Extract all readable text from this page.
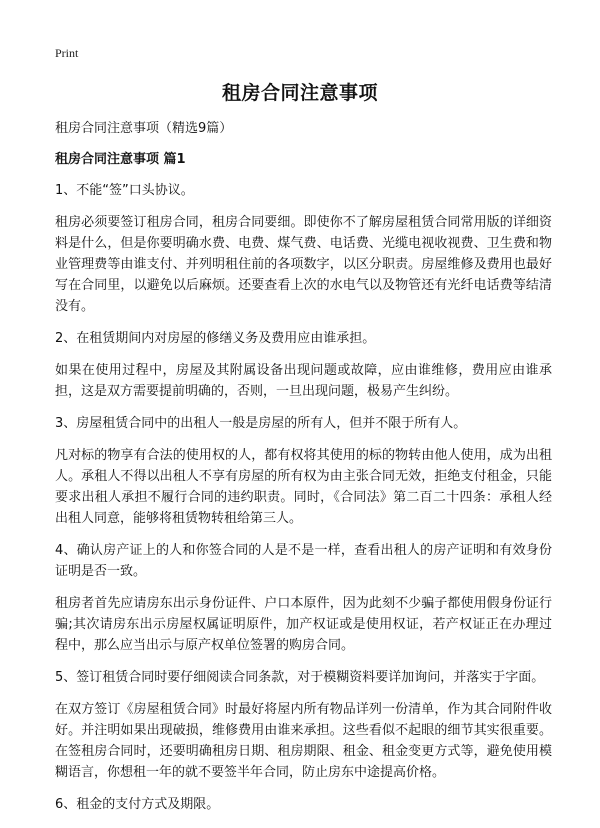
Print
租房合同注意事项

租房合同注意事项（精选9篇）

租房合同注意事项 篇1

1、不能“签”口头协议。

租房必须要签订租房合同，租房合同要细。即使你不了解房屋租赁合同常用版的详细资料是什么，但是你要明确水费、电费、煤气费、电话费、光缆电视收视费、卫生费和物业管理费等由谁支付、并列明租住前的各项数字，以区分职责。房屋维修及费用也最好写在合同里，以避免以后麻烦。还要查看上次的水电气以及物管还有光纤电话费等结清没有。

2、在租赁期间内对房屋的修缮义务及费用应由谁承担。

如果在使用过程中，房屋及其附属设备出现问题或故障，应由谁维修，费用应由谁承担，这是双方需要提前明确的，否则，一旦出现问题，极易产生纠纷。

3、房屋租赁合同中的出租人一般是房屋的所有人，但并不限于所有人。

凡对标的物享有合法的使用权的人，都有权将其使用的标的物转由他人使用，成为出租人。承租人不得以出租人不享有房屋的所有权为由主张合同无效，拒绝支付租金，只能要求出租人承担不履行合同的违约职责。同时，《合同法》第二百二十四条：承租人经出租人同意，能够将租赁物转租给第三人。

4、确认房产证上的人和你签合同的人是不是一样，查看出租人的房产证明和有效身份证明是否一致。

租房者首先应请房东出示身份证件、户口本原件，因为此刻不少骗子都使用假身份证行骗;其次请房东出示房屋权属证明原件，加产权证或是使用权证，若产权证正在办理过程中，那么应当出示与原产权单位签署的购房合同。

5、签订租赁合同时要仔细阅读合同条款，对于模糊资料要详加询问，并落实于字面。

在双方签订《房屋租赁合同》时最好将屋内所有物品详列一份清单，作为其合同附件收好。并注明如果出现破损，维修费用由谁来承担。这些看似不起眼的细节其实很重要。在签租房合同时，还要明确租房日期、租房期限、租金、租金变更方式等，避免使用模糊语言，你想租一年的就不要签半年合同，防止房东中途提高价格。

6、租金的支付方式及期限。
